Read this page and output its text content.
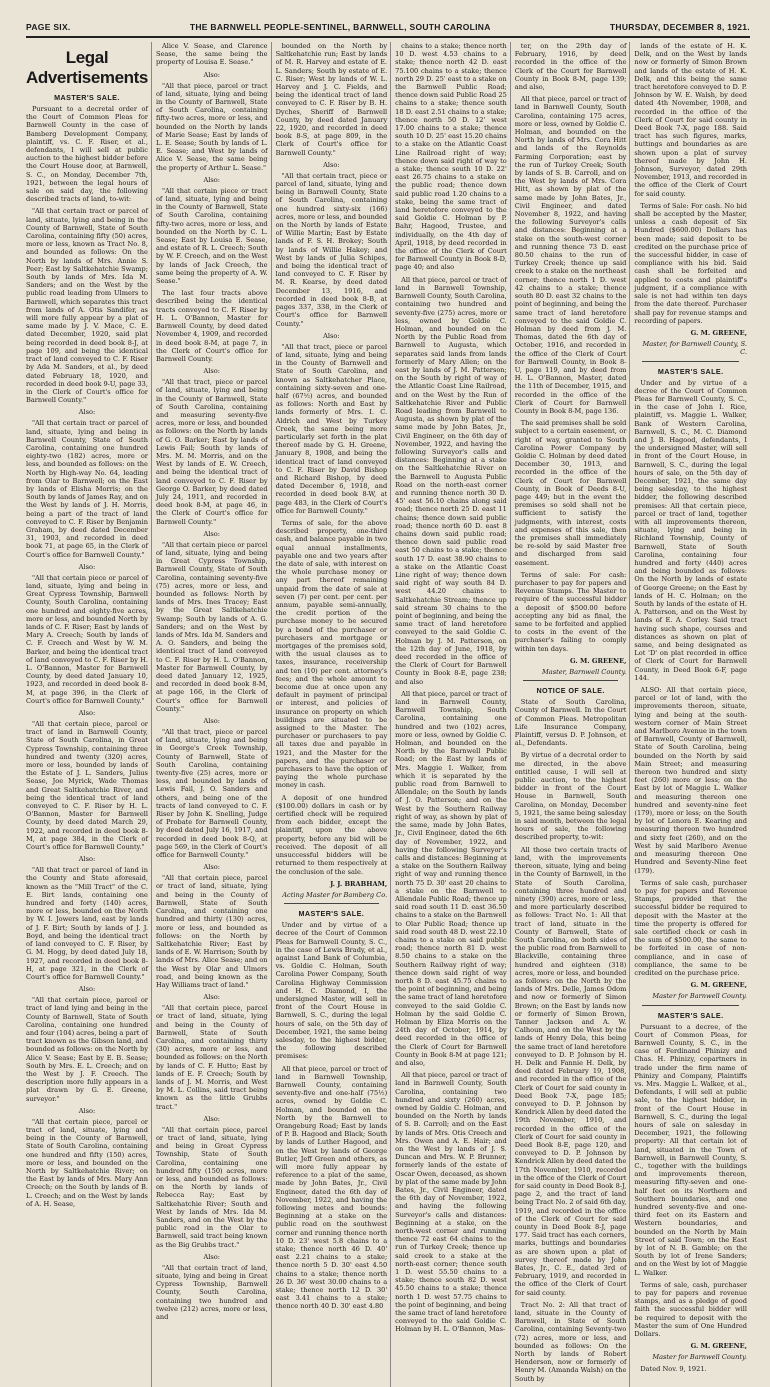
PAGE SIX.	THE BARNWELL PEOPLE-SENTINEL, BARNWELL, SOUTH CAROLINA	THURSDAY, DECEMBER 8, 1921.
Legal Advertisements
MASTER'S SALE.

Pursuant to a decretal order of the Court of Common Pleas for Barnwell County in the case of Bamberg Development Company, plaintiff, vs. C. F. Riser, et al., defendants, I will sell at public auction to the highest bidder before the Court House door, at Barnwell, S. C., on Monday, December 7th, 1921, between the legal hours of sale on said day, the following described tracts of land, to-wit:

"All that certain tract or parcel of land, situate, lying and being in the County of Barnwell, State of South Carolina, containing fifty (50) acres, more or less, known as Tract No. 8, and bounded as follows: On the North by lands of Mrs. Annie S. Peer; East by Saltkehatchie Swamp; South by lands of Mrs. Ida M. Sanders; and on the West by the public road leading from Ulmers to Barnwell, which separates this tract from lands of A. Otis Sandifer, as will more fully appear by a plat of same made by J. V. Mace, C. E. dated December, 1920, said plat being recorded in deed book 8-J, at page 109, and being the identical tract of land conveyed to C. F. Riser by Ada M. Sanders, et al., by deed dated February 18, 1920, and recorded in deed book 9-U, page 33, in the Clerk of Court's office for Barnwell County."

Also:

"All that certain tract or parcel of land, situate, lying and being in Barnwell County, State of South Carolina, containing one hundred eighty-two (182) acres, more or less, and bounded as follows: on the North by High-way No. 64, leading from Olar to Barnwell; on the East by lands of Elisha Morris; on the South by lands of James Ray, and on the West by lands of J. H. Morris, being a part of the tract of land conveyed to C. F. Riser by Benjamin Graham, by deed dated December 31, 1903, and recorded in deed book 71, at page 65, in the Clerk of Court's office for Barnwell County."

Also:

"All that certain piece or parcel of land, situate, lying and being in Great Cypress Township, Barnwell County, South Carolina, containing one hundred and eighty-five acres, more or less, and bounded North by lands of C. F. Riser; East by lands of Mary A. Creech; South by lands of C. F. Creech and West by W. M. Barker, and being the identical tract of land conveyed to C. F. Riser by H. L. O'Bannon, Master for Barnwell County, by deed dated January 10, 1923, and recorded in deed book 8-M, at page 396, in the Clerk of Court's office for Barnwell County."

Also:

"All that certain piece, parcel or tract of land in Barnwell County, State of South Carolina, in Great Cypress Township, containing three hundred and twenty (320) acres, more or less, bounded by lands of the Estate of J. L. Sanders, Julius Sease, Joe Myrick, Wade Thomas and Great Saltkehatchie River, and being the identical tract of land conveyed to C. F. Riser by H. L. O'Bannon, Master for Barnwell County, by deed dated March 29, 1922, and recorded in deed book 8-M, at page 384, in the Clerk of Court's office for Barnwell County."

Also:

"All that tract or parcel of land in the County and State aforesaid, known as the "Mill Tract" of the C. E. Birt lands, containing one hundred and forty (140) acres, more or less, bounded on the North by W. I. Jowers land, east by lands of J. F. Birt; South by lands of J. J. Boyd, and being the identical tract of land conveyed to C. F. Riser, by G. M. Hogg, by deed dated July 18, 1927, and recorded in deed book 8-H, at page 321, in the Clerk of Court's office for Barnwell County."

Also:

"All that certain piece, parcel or tract of land lying and being in the County of Barnwell, State of South Carolina, containing one hundred and four (104) acres, being a part of tract known as the Gibson land, and bounded as follows: on the North by Alice V. Sease; East by E. B. Sease; South by Mrs. E. L. Creech; and on the West by J. F. Creech. The description more fully appears in a plat drawn by G. E. Greene, surveyor."

Also:

"All that certain piece, parcel or tract of land, situate, lying and being in the County of Barnwell, State of South Carolina, containing one hundred and fifty (150) acres, more or less, and bounded on the North by Saltkehatchie River; on the East by lands of Mrs. Mary Ann Creech; on the South by lands of B. L. Creech; and on the West by lands of A. H. Sease,

Alice V. Sease, and Clarence Sease, the same being the property of Louisa E. Sease."

Also:

"All that piece, parcel or tract of land, situate, lying and being in the County of Barnwell, State of South Carolina, containing fifty-two acres, more or less, and bounded on the North by lands of Marie Sease; East by lands of L. E. Sease; South by lands of L. E. Sease; and West by lands of Alice V. Sease, the same being the property of Arthur L. Sease."

Also:

"All that certain piece or tract of land, situate, lying and being in the County of Barnwell, State of South Carolina, containing fifty-two acres, more or less, and bounded on the North by C. L. Sease; East by Louisa E. Sease, and estate of R. L. Creech; South by W. F. Creech, and on the West by lands of Jack Creech, the same being the property of A. W. Sease."

The last four tracts above described being the identical tracts conveyed to C. F. Riser by H. L. O'Bannon, Master for Barnwell County, by deed dated November 4, 1909, and recorded in deed book 8-M, at page 7, in the Clerk of Court's office for Barnwell County.

Also:

"All that tract, piece or parcel of land, situate, lying and being in the County of Barnwell, State of South Carolina, containing and measuring seventy-five acres, more or less, and bounded as follows: on the North by lands of G. O. Barker; East by lands of Lewis Fail; South by lands of Mrs. M. M. Morris, and on the West by lands of E. W. Creech, and being the identical tract of land conveyed to C. F. Riser by George O. Barker, by deed dated July 24, 1911, and recorded in deed book 8-M, at page 46, in the Clerk of Court's office for Barnwell County."

Also:

"All that certain piece or parcel of land, situate, lying and being in Great Cypress Township, Barnwell County, State of South Carolina, containing seventy-five (75) acres, more or less, and bounded as follows: North by lands of Mrs. Ines Tracey; East by the Great Saltkehatchie Swamp; South by lands of A. G. Sanders; and on the West by lands of Mrs. Ida M. Sanders and A. O. Sanders, and being the identical tract of land conveyed to C. F. Riser by H. L. O'Bannon, Master for Barnwell County, by deed dated January 12, 1925, and recorded in deed book 8-M, at page 166, in the Clerk of Court's office for Barnwell County."

Also:

"All that tract, piece or parcel of land, situate, lying and being in George's Creek Township, County of Barnwell, State of South Carolina, containing twenty-five (25) acres, more or less, and bounded by lands of Lewis Fail, J. O. Sanders and others, and being one of the tracts of land conveyed to C. F. Riser by John K. Snelling, Judge of Probate for Barnwell County, by deed dated July 16, 1917, and recorded in deed book 8-Q, at page 569, in the Clerk of Court's office for Barnwell County."

Also:

"All that certain piece, parcel or tract of land, situate, lying and being in the County of Barnwell, State of South Carolina, and containing one hundred and thirty (130) acres, more or less, and bounded as follows: on the North by Saltkehatchie River; East by lands of E. W. Harrison; South by lands of Mrs. Alice Sease; and on the West by Olar and Ulmers road, and being known as the Hay Williams tract of land."

Also:

"All that certain piece, parcel or tract of land, situate, lying and being in the County of Barnwell, State of South Carolina, and containing thirty (30) acres, more or less, and bounded as follows: on the North by lands of C. F. Hutto; East by lands of E. F. Creech; South by lands of J. M. Morris, and West by M. L. Collins, said tract being known as the little Grubbs tract."

Also:

"All that certain piece, parcel or tract of land, situate, lying and being in Great Cypress Township, State of South Carolina, containing one hundred fifty (150) acres, more or less, and bounded as follows: on the North by lands of Rebecca Ray; East by Saltkehatchie River; South and West by lands of Mrs. Ida M. Sanders, and on the West by the public road in the Olar to Barnwell, said tract being known as the Big Grubbs tract."

Also:

"All that certain tract of land, situate, lying and being in Great Cypress Township, Barnwell County, South Carolina, containing two hundred and twelve (212) acres, more or less, and

bounded on the North by Saltkehatchie run; East by lands of M. R. Harvey and estate of E. L. Sanders; South by estate of E. C. Riser; West by lands of W. L. Harvey and J. C. Fields, and being the identical tract of land conveyed to C. F. Riser by B. H. Dyches, Sheriff of Barnwell County, by deed dated January 22, 1920, and recorded in deed book 8-S, at page 809, in the Clerk of Court's office for Barnwell County."

Also:

"All that certain tract, piece or parcel of land, situate, lying and being in Barnwell County, State of South Carolina, containing one hundred sixty-six (166) acres, more or less, and bounded on the North by lands of Estate of Willie Martin; East by Estate lands of F. S. H. Brokey; South by lands of Willie Hakey; and West by lands of Julia Schipes, and being the identical tract of land conveyed to C. F. Riser by M. R. Kearse, by deed dated December 13, 1916, and recorded in deed book 8-B, at pages 337, 338, in the Clerk of Court's office for Barnwell County."

Also:

"All that tract, piece or parcel of land, situate, lying and being in the County of Barnwell and State of South Carolina, and known as Saltkehatcher Place, containing sixty-seven and one-half (67½) acres, and bounded as follows: North and East by lands formerly of Mrs. I. C. Aldrich and West by Turkey Creek, the same being more particularly set forth in the plat thereof made by G. H. Greene, January 8, 1908, and being the identical tract of land conveyed to C. F. Riser by David Bishop and Richard Bishop, by deed dated December 6, 1918, and recorded in deed book 8-W, at page 483, in the Clerk of Court's office for Barnwell County."

Terms of sale, for the above described property, one-third cash, and balance payable in two equal annual installments, payable one and two years after the date of sale, with interest on the whole purchase money or any part thereof remaining unpaid from the date of sale at seven (7) per cent. per cent. per annum, payable semi-annually, the credit portion of the purchase money to be secured by a bond of the purchaser or purchasers and mortgage or mortgages of the premises sold, with the usual clauses as to taxes, insurance, receivership and ten (10) per cent. attorney's fees; and the whole amount to become due at once upon any default in payment of principal or interest, and policies of insurance on property on which buildings are situated to be assigned to the Master. The purchaser or purchasers to pay all taxes due and payable in 1921, and the Master for the papers, and the purchaser or purchasers to have the option of paying the whole purchase money in cash.

A deposit of one hundred ($100.00) dollars in cash or by certified check will be required from each bidder, except the plaintiff, upon the above property, before any bid will be received. The deposit of all unsuccessful bidders will be returned to them respectively at the conclusion of the sale.

J. J. BRABHAM,
Acting Master for Bamberg Co.
MASTER'S SALE.

Under and by virtue of a decree of the Court of Common Pleas for Barnwell County, S. C., in the case of Lewis Brady, et al., against Land Bank of Columbia, vs. Goldie C. Holman, South Carolina Power Company, South Carolina Highway Commission and H. C. Diamond, I, the undersigned Master, will sell in front of the Court House in Barnwell, S. C., during the legal hours of sale, on the 5th day of December, 1921, the same being salesday, to the highest bidder, the following described premises:

All that piece, parcel or tract of land in Barnwell Township, Barnwell County, containing seventy-five and one-half (75½) acres, owned by Goldie C. Holman, and bounded on the North by the Barnwell to Orangeburg Road; East by lands of P. B. Hagood and Black; South by lands of Luther Hagood, and on the West by lands of George Butler, Jeff Green and others, as will more fully appear by reference to a plat of the same, made by John Bates, Jr., Civil Engineer, dated the 6th day of November, 1922, and having the following metes and bounds: Beginning at a stake on the public road on the southwest corner and running thence north 10 D. 23' west 5.8 chains to a stake; thence north 46 D. 40' east 2.21 chains to a stake; thence north 5 D. 30' east 4.50 chains to a stake; thence north 26 D. 36' west 30.00 chains to a stake; thence north 12 D. 30' east 3.41 chains to a stake; thence north 40 D. 30' east 4.80

chains to a stake; thence north 10 D. west 4.53 chains to a stake; thence north 42 D. east 75.100 chains to a stake; thence north 29 D. 25' east to a stake on the Barnwell Public Road; thence down said Public Road 25 chains to a stake; thence south 18 D. east 2.51 chains to a stake; thence north 50 D. 12' west 17.00 chains to a stake; thence south 10 D. 25' east 15.20 chains to a stake on the Atlantic Coast Line Railroad right of way; thence down said right of way to a stake; thence south 10 D. 22' east 26.75 chains to a stake on the public road; thence down said public road 1.20 chains to a stake, being the same tract of land heretofore conveyed to the said Goldie C. Holman by P. Bahr, Hagood, Trustee, and individually, on the 4th day of April, 1918, by deed recorded in the office of the Clerk of Court for Barnwell County in Book 8-D, page 40; and also

All that piece, parcel or tract of land in Barnwell Township, Barnwell County, South Carolina, containing two hundred and seventy-five (275) acres, more or less, owned by Goldie C. Holman, and bounded on the North by the Public Road from Barnwell to Augusta, which separates said lands from lands formerly of Mary Allen; on the east by lands of J. M. Patterson; on the South by right of way of the Atlantic Coast Line Railroad, and on the West by the Run of Saltkehatchie River and Public Road leading from Barnwell to Augusta, as shown by plat of the same made by John Bates, Jr., Civil Engineer, on the 6th day of November, 1922, and having the following Surveyor's calls and distances: Beginning at a stake on the Saltkehatchie River on the Barnwell to Augusta Public Road on the north-east corner and running thence north 30 D. 45' east 56.10 chains along said road; thence north 25 D. east 11 chains; thence down said public road; thence north 60 D. east 8 chains down said public road; thence down said public road east 50 chains to a stake; thence south 17 D. east 38.90 chains to a stake on the Atlantic Coast Line right of way; thence down said right of way south 84 D. west 44.20 chains to Saltkehatchie Stream; thence up said stream 30 chains to the point of beginning, and being the same tract of land heretofore conveyed to the said Goldie C. Holman by J. M. Patterson, on the 12th day of June, 1918, by deed recorded in the office of the Clerk of Court for Barnwell County in Book 8-E, page 238; and also

All that piece, parcel or tract of land in Barnwell County, Barnwell Township, South Carolina, containing one hundred and two (102) acres, more or less, owned by Goldie C. Holman, and bounded on the North by the Barnwell Public Road; on the East by lands of Mrs. Maggie I. Walker, from which it is separated by the public road from Barnwell to Allendale; on the South by lands of J. O. Patterson; and on the West by the Southern Railway right of way, as shown by plat of the same, made by John Bates, Jr., Civil Engineer, dated the 6th day of November, 1922, and having the following Surveyor's calls and distances: Beginning at a stake on the Southern Railway right of way and running thence north 75 D. 30' east 20 chains to a stake on the Barnwell to Allendale Public Road; thence up said road south 11 D. east 36.50 chains to a stake on the Barnwell to Olar Public Road; thence up said road south 48 D. west 22.10 chains to a stake on said public road; thence north 81 D. west 8.50 chains to a stake on the Southern Railway right of way; thence down said right of way north 8 D. east 45.75 chains to the point of beginning, and being the same tract of land heretofore conveyed to the said Goldie C. Holman by the said Goldie C. Holman by Eliza Morris on the 24th day of October, 1914, by deed recorded in the office of the Clerk of Court for Barnwell County in Book 8-M at page 121; and also,

All that piece, parcel or tract of land in Barnwell County, South Carolina, containing two hundred and sixty (260) acres, owned by Goldie C. Holman, and bounded on the North by lands of S. B. Carroll; and on the East by lands of Mrs. Otis Creech and Mrs. Owen and A. E. Hair; and on the West by lands of J. S. Duncan and Mrs. W. P. Brunner, formerly lands of the estate of Oscar Owen, deceased, as shown by plat of the same made by John Bates, Jr., Civil Engineer, dated the 6th day of November, 1922, and having the following Surveyor's calls and distances: Beginning at a stake, on the north-west corner and running thence 72 east 64 chains to the run of Turkey Creek; thence up said creek to a stake at the north-east corner; thence south 1 D. west 55.50 chains to a stake; thence south 82 D. west 45.50 chains to a stake; thence north 1 D. west 57.75 chains to the point of beginning, and being the same tract of land heretofore conveyed to the said Goldie C. Holman by H. L. O'Bannon, Mas-

ter, on the 29th day of February, 1916, by deed recorded in the office of the Clerk of the Court for Barnwell County in Book 8-M, page 139; and also,

All that piece, parcel or tract of land in Barnwell County, South Carolina, containing 175 acres, more or less, owned by Goldie C. Holman, and bounded on the North by lands of Mrs. Cora Hitt and lands of the Reynolds Farming Corporation; east by the run of Turkey Creek; South by lands of S. B. Carroll, and on the West by lands of Mrs. Cora Hitt, as shown by plat of the same made by John Bates, Jr., Civil Engineer, and dated November 8, 1922, and having the following Surveyor's calls and distances: Beginning at a stake on the south-west corner and running thence 73 D. east 80.50 chains to the run of Turkey Creek; thence up said creek to a stake on the northeast corner; thence north 1 D. west 42 chains to a stake; thence south 80 D. east 32 chains to the point of beginning, and being the same tract of land heretofore conveyed to the said Goldie C. Holman by deed from J. M. Thomas, dated the 6th day of October, 1916, and recorded in the office of the Clerk of Court for Barnwell County, in Book 8-U, page 119, and by deed from H. L. O'Bannon, Master, dated the 11th of December, 1915, and recorded in the office of the Clerk of Court for Barnwell County in Book 8-M, page 136.

The said premises shall be sold subject to a certain easement, or right of way, granted to South Carolina Power Company by Goldie C. Holman by deed dated December 30, 1913, and recorded in the office of the Clerk of Court for Barnwell County, in Book of Deeds 8-U, page 449; but in the event the premises so sold shall not be sufficient to satisfy the judgments, with interest, costs and expenses of this sale, then the premises shall immediately be re-sold by said Master free and discharged from said easement.

Terms of sale: For cash: purchaser to pay for papers and Revenue Stamps. The Master to require of the successful bidder a deposit of $500.00 before accepting any bid as final, the same to be forfeited and applied to costs in the event of the purchaser's failing to comply within ten days.

G. M. GREENE,
Master, Barnwell County.
NOTICE OF SALE.

State of South Carolina, County of Barnwell. In the Court of Common Pleas. Metropolitan Life Insurance Company, Plaintiff, versus D. P. Johnson, et al., Defendants.

By virtue of a decretal order to me directed, in the above entitled cause, I will sell at public auction, to the highest bidder in front of the Court House in Barnwell, South Carolina, on Monday, December 5, 1921, the same being salesday in said month, between the legal hours of sale, the following described property, to-wit:

All those two certain tracts of land, with the improvements thereon, situate, lying and being in the County of Barnwell, in the State of South Carolina, containing three hundred and ninety (390) acres, more or less, and more particularly described as follows: Tract No. 1: All that tract of land, situate in the County of Barnwell, State of South Carolina, on both sides of the public road from Barnwell to Blackville, containing three hundred and eighteen (318) acres, more or less, and bounded as follows: on the North by the lands of Mrs. Delle, James Odom and now or formerly of Simon Brown; on the East by lands now or formerly of Simon Brown, Tanner Jackson and A. W. Calhoun, and on the West by the lands of Henry Dela, this being the same tract of land heretofore conveyed to D. P. Johnson by H. H. Delk and Fannie H. Delk, by deed dated February 19, 1908, and recorded in the office of the Clerk of Court for said county in Deed Book 7-X, page 185; conveyed to D. P. Johnson by Kendrick Allen by deed dated the 19th November, 1910, and recorded in the office of the Clerk of Court for said county in Deed Book 8-E, page 120, and conveyed to D. P. Johnson by Kendrick Allen by deed dated the 17th November, 1910, recorded in the office of the Clerk of Court for said county in Deed Book 8-J, page 2, and the tract of land being Tract No. 2 of said 6th day, 1919, and recorded in the office of the Clerk of Court for said county in Deed Book 8-J, page 177. Said tract has each corners, marks, buttings and boundaries as are shown upon a plat of survey thereof made by John Bates, Jr., C. E., dated 3rd of February, 1919, and recorded in the office of the Clerk of Court for said county.

Tract No. 2: All that tract of land, situate in the County of Barnwell, in State of South Carolina, containing Seventy-two (72) acres, more or less, and bounded as follows: On the North by lands of Robert Henderson, now or formerly of Henry M. (Amanda Walsh) on the South by

lands of the estate of H. K. Delk, and on the West by lands now or formerly of Simon Brown and lands of the estate of H. K. Delk, and this being the same tract heretofore conveyed to D. P. Johnson by W. E. Walsh, by deed dated 4th November, 1908, and recorded in the office of the Clerk of Court for said county in Deed Book 7-X, page 188. Said tract has such figures, marks, buttings and boundaries as are shown upon a plat of survey thereof made by John H. Johnson, Surveyor, dated 29th November, 1913, and recorded in the office of the Clerk of Court for said county.

Terms of Sale: For cash. No bid shall be accepted by the Master, unless a cash deposit of Six Hundred ($600.00) Dollars has been made; said deposit to be credited on the purchase price of the successful bidder, in case of compliance with his bid. Said cash shall be forfeited and applied to costs and plaintiff's judgment, if a compliance with sale is not had within ten days from the date thereof. Purchaser shall pay for revenue stamps and recording of papers.

G. M. GREENE,
Master, for Barnwell County, S. C.
MASTER'S SALE.

Under and by virtue of a decree of the Court of Common Pleas for Barnwell County, S. C., in the case of John I. Rice, plaintiff, vs. Maggie L. Walker, Bank of Western Carolina, Barnwell, S. C., M. C. Diamond and J. B. Hagood, defendants, I the undersigned Master, will sell in front of the Court House, in Barnwell, S. C., during the legal hours of sale, on the 5th day of December, 1921, the same day being salesday, to the highest bidder, the following described premises: All that certain piece, parcel or tract of land, together with all improvements thereon, situate, lying and being in Richland Township, County of Barnwell, State of South Carolina, containing four hundred and forty (440) acres and being bounded as follows: On the North by lands of estate of George Greene; on the East by lands of H. C. Holman; on the South by lands of the estate of H. A. Patterson, and on the West by lands of E. A. Corley. Said tract having such shape, courses and distances as shown on plat of same, and being designated as Lot 'D' on plat recorded in office of Clerk of Court for Barnwell County, in Deed Book 6-F, page 144.

ALSO: All that certain piece, parcel or lot of land, with the improvements thereon, situate, lying and being at the south-western corner of Main Street and Marlboro Avenue in the town of Barnwell, County of Barnwell, State of South Carolina, being bounded on the North by said Main Street; and measuring thereon two hundred and sixty feet (260) more or less; on the East by lot of Maggie L. Walker and measuring thereon one hundred and seventy-nine feet (179), more or less; on the South by lot of Lenora E. Kearing and measuring thereon two hundred and sixty feet (260), and on the West by said Marlboro Avenue and measuring thereon One Hundred and Seventy-Nine feet (179).

Terms of sale cash, purchaser to pay for papers and Revenue Stamps, provided that the successful bidder be required to deposit with the Master at the time the property is offered for sale certified check or cash in the sum of $500.00, the same to be forfeited in case of non-compliance, and in case of compliance, the same to be credited on the purchase price.

G. M. GREENE,
Master for Barnwell County.
MASTER'S SALE.

Pursuant to a decree, of the Court of Common Pleas, for Barnwell County, S. C., in the case of Ferdinand Phinizy and Chas. H. Phinizy, copartners in trade under the firm name of Phinizy and Company, Plaintiffs vs. Mrs. Maggie L. Walker, et al., Defendants, I will sell at public sale, to the highest bidder, in front of the Court House in Barnwell, S. C., during the legal hours of sale on salesday in December, 1921, the following property: All that certain lot of land, situated in the Town of Barnwell, in Barnwell County, S. C., together with the buildings and improvements thereon, measuring fifty-seven and one-half feet on its Northern and Southern boundaries, and one hundred seventy-five and one-third feet on its Eastern and Western boundaries, and bounded on the North by Main Street of said Town; on the East by lot of N. B. Gamble; on the South by lot of Irene Sanders; and on the West by lot of Maggie L. Walker.

Terms of sale, cash, purchaser to pay for papers and revenue stamps, and as a pledge of good faith the successful bidder will be required to deposit with the Master the sum of One Hundred Dollars.

G. M. GREENE,
Master for Barnwell County.

Dated Nov. 9, 1921.
